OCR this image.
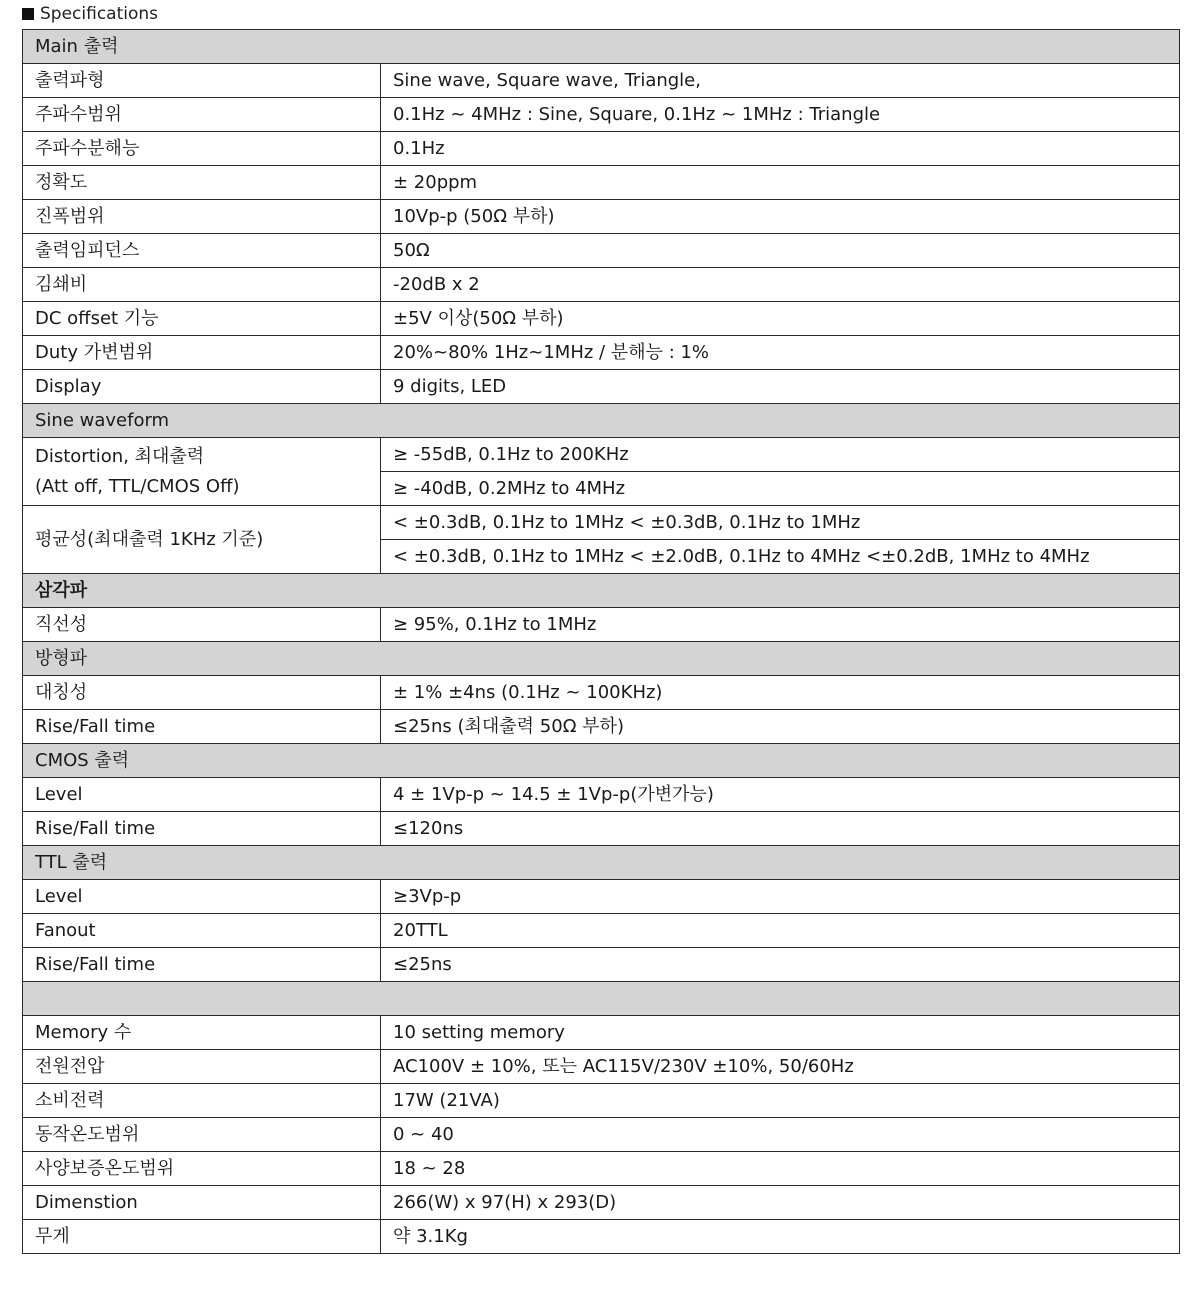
Specifications
Main 출력	
출력파형	Sine wave, Square wave, Triangle,
주파수범위	0.1Hz ~ 4MHz : Sine, Square, 0.1Hz ~ 1MHz : Triangle
주파수분해능	0.1Hz
정확도	± 20ppm
진폭범위	10Vp-p (50Ω 부하)
출력임피던스	50Ω
김쇄비	-20dB x 2
DC offset 기능	±5V 이상(50Ω 부하)
Duty 가변범위	20%~80% 1Hz~1MHz / 분해능 : 1%
Display	9 digits, LED
Sine waveform	
Distortion, 최대출력
(Att off, TTL/CMOS Off)	≥ -55dB, 0.1Hz to 200KHz
	≥ -40dB, 0.2MHz to 4MHz
평균성(최대출력 1KHz 기준)	< ±0.3dB, 0.1Hz to 1MHz < ±0.3dB, 0.1Hz to 1MHz
	< ±0.3dB, 0.1Hz to 1MHz < ±2.0dB, 0.1Hz to 4MHz <±0.2dB, 1MHz to 4MHz
삼각파	
직선성	≥ 95%, 0.1Hz to 1MHz
방형파	
대칭성	± 1% ±4ns (0.1Hz ~ 100KHz)
Rise/Fall time	≤25ns (최대출력 50Ω 부하)
CMOS 출력	
Level	4 ± 1Vp-p ~ 14.5 ± 1Vp-p(가변가능)
Rise/Fall time	≤120ns
TTL 출력	
Level	≥3Vp-p
Fanout	20TTL
Rise/Fall time	≤25ns

Memory 수	10 setting memory
전원전압	AC100V ± 10%, 또는 AC115V/230V ±10%, 50/60Hz
소비전력	17W (21VA)
동작온도범위	0 ~ 40
사양보증온도범위	18 ~ 28
Dimenstion	266(W) x 97(H) x 293(D)
무게	약 3.1Kg
